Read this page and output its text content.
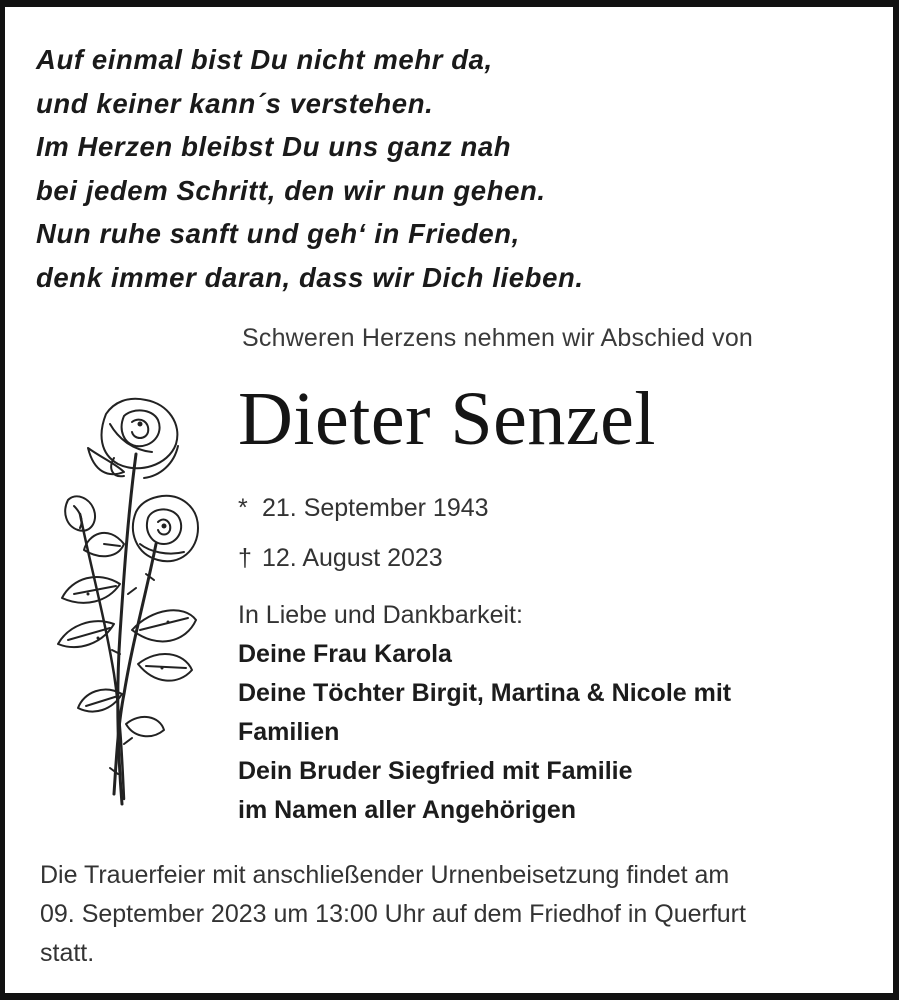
Auf einmal bist Du nicht mehr da,
und keiner kann´s verstehen.
Im Herzen bleibst Du uns ganz nah
bei jedem Schritt, den wir nun gehen.
Nun ruhe sanft und geh‘ in Frieden,
denk immer daran, dass wir Dich lieben.
Schweren Herzens nehmen wir Abschied von
Dieter Senzel
* 21. September 1943
† 12. August 2023
In Liebe und Dankbarkeit:
Deine Frau Karola
Deine Töchter Birgit, Martina & Nicole mit
Familien
Dein Bruder Siegfried mit Familie
im Namen aller Angehörigen
Die Trauerfeier mit anschließender Urnenbeisetzung findet am
09. September 2023 um 13:00 Uhr auf dem Friedhof in Querfurt
statt.
